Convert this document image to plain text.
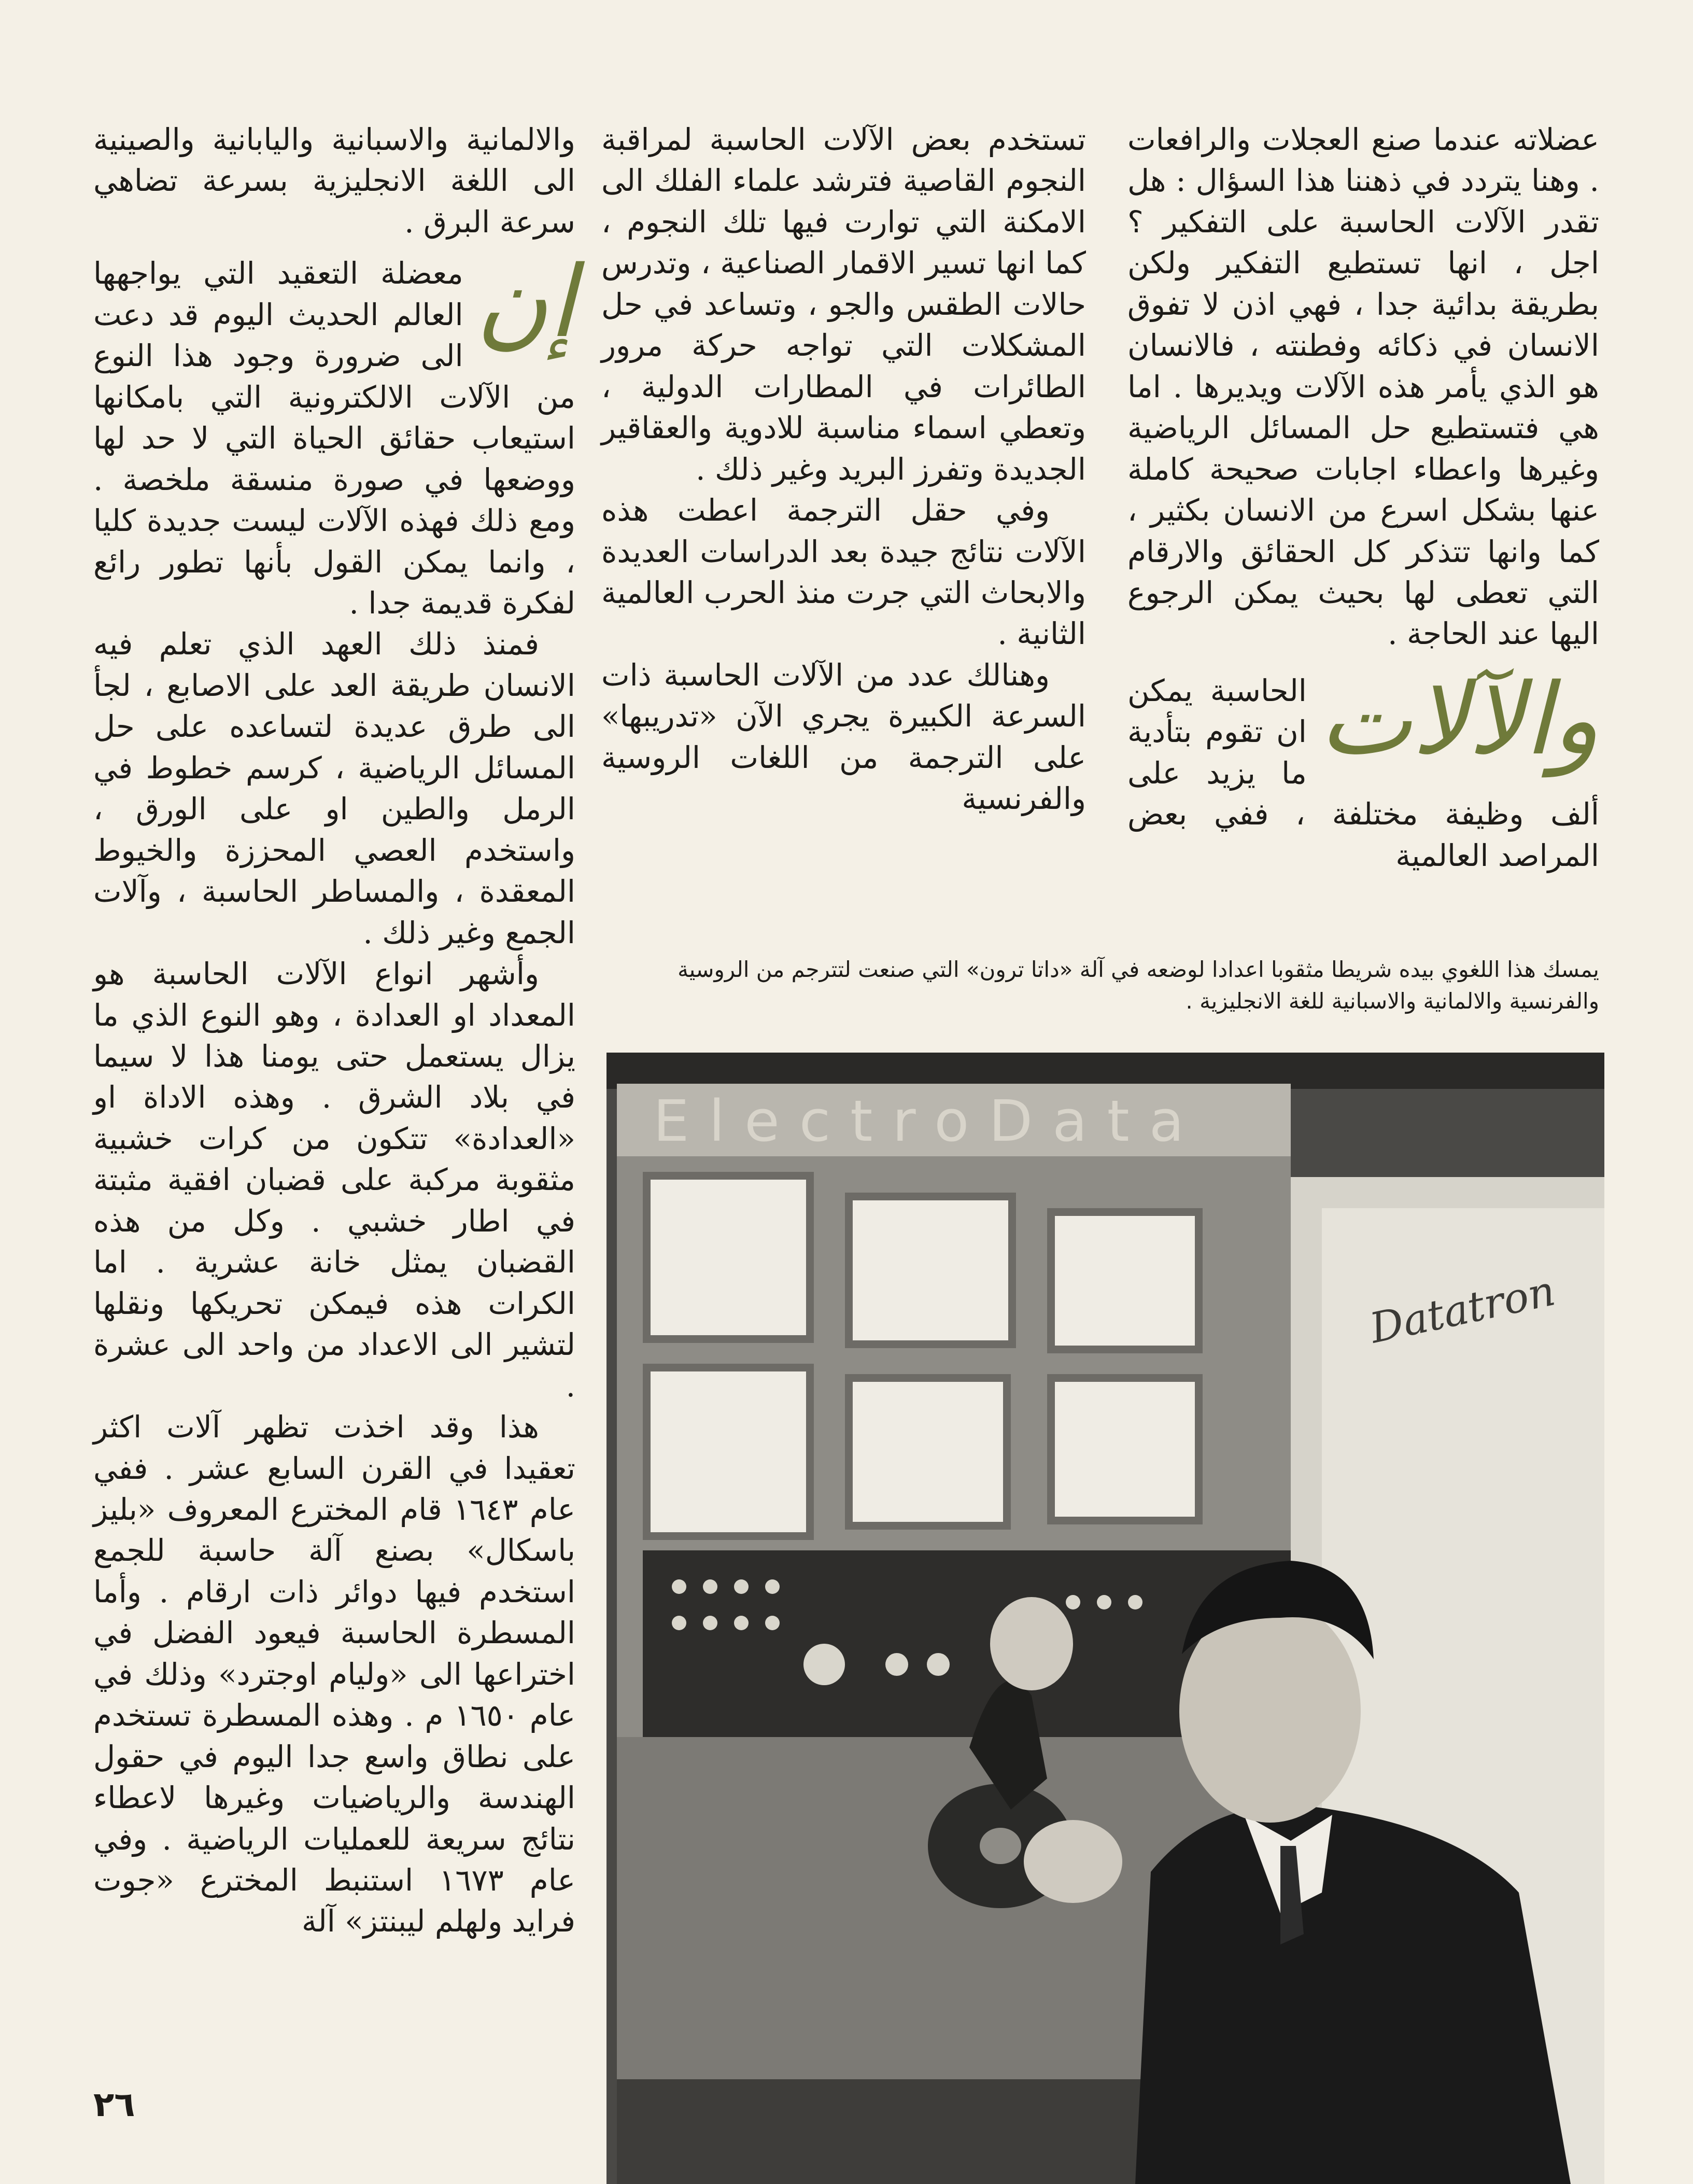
عضلاته عندما صنع العجلات والرافعات . وهنا يتردد في ذهننا هذا السؤال : هل تقدر الآلات الحاسبة على التفكير ؟ اجل ، انها تستطيع التفكير ولكن بطريقة بدائية جدا ، فهي اذن لا تفوق الانسان في ذكائه وفطنته ، فالانسان هو الذي يأمر هذه الآلات ويديرها . اما هي فتستطيع حل المسائل الرياضية وغيرها واعطاء اجابات صحيحة كاملة عنها بشكل اسرع من الانسان بكثير ، كما وانها تتذكر كل الحقائق والارقام التي تعطى لها بحيث يمكن الرجوع اليها عند الحاجة .

والآلات
الحاسبة يمكن ان تقوم بتأدية ما يزيد على ألف وظيفة مختلفة ، ففي بعض المراصد العالمية

تستخدم بعض الآلات الحاسبة لمراقبة النجوم القاصية فترشد علماء الفلك الى الامكنة التي توارت فيها تلك النجوم ، كما انها تسير الاقمار الصناعية ، وتدرس حالات الطقس والجو ، وتساعد في حل المشكلات التي تواجه حركة مرور الطائرات في المطارات الدولية ، وتعطي اسماء مناسبة للادوية والعقاقير الجديدة وتفرز البريد وغير ذلك .

وفي حقل الترجمة اعطت هذه الآلات نتائج جيدة بعد الدراسات العديدة والابحاث التي جرت منذ الحرب العالمية الثانية .

وهنالك عدد من الآلات الحاسبة ذات السرعة الكبيرة يجري الآن «تدريبها» على الترجمة من اللغات الروسية والفرنسية

والالمانية والاسبانية واليابانية والصينية الى اللغة الانجليزية بسرعة تضاهي سرعة البرق .

إن
معضلة التعقيد التي يواجهها العالم الحديث اليوم قد دعت الى ضرورة وجود هذا النوع من الآلات الالكترونية التي بامكانها استيعاب حقائق الحياة التي لا حد لها ووضعها في صورة منسقة ملخصة . ومع ذلك فهذه الآلات ليست جديدة كليا ، وانما يمكن القول بأنها تطور رائع لفكرة قديمة جدا .

فمنذ ذلك العهد الذي تعلم فيه الانسان طريقة العد على الاصابع ، لجأ الى طرق عديدة لتساعده على حل المسائل الرياضية ، كرسم خطوط في الرمل والطين او على الورق ، واستخدم العصي المحززة والخيوط المعقدة ، والمساطر الحاسبة ، وآلات الجمع وغير ذلك .

وأشهر انواع الآلات الحاسبة هو المعداد او العدادة ، وهو النوع الذي ما يزال يستعمل حتى يومنا هذا لا سيما في بلاد الشرق . وهذه الاداة او «العدادة» تتكون من كرات خشبية مثقوبة مركبة على قضبان افقية مثبتة في اطار خشبي . وكل من هذه القضبان يمثل خانة عشرية . اما الكرات هذه فيمكن تحريكها ونقلها لتشير الى الاعداد من واحد الى عشرة .

هذا وقد اخذت تظهر آلات اكثر تعقيدا في القرن السابع عشر . ففي عام ١٦٤٣ قام المخترع المعروف «بليز باسكال» بصنع آلة حاسبة للجمع استخدم فيها دوائر ذات ارقام . وأما المسطرة الحاسبة فيعود الفضل في اختراعها الى «وليام اوجترد» وذلك في عام ١٦٥٠ م . وهذه المسطرة تستخدم على نطاق واسع جدا اليوم في حقول الهندسة والرياضيات وغيرها لاعطاء نتائج سريعة للعمليات الرياضية . وفي عام ١٦٧٣ استنبط المخترع «جوت فرايد ولهلم ليبنتز» آلة

يمسك هذا اللغوي بيده شريطا مثقوبا اعدادا لوضعه في آلة «داتا ترون» التي صنعت لتترجم من الروسية والفرنسية والالمانية والاسبانية للغة الانجليزية .
ElectroData
Datatron
٢٦
